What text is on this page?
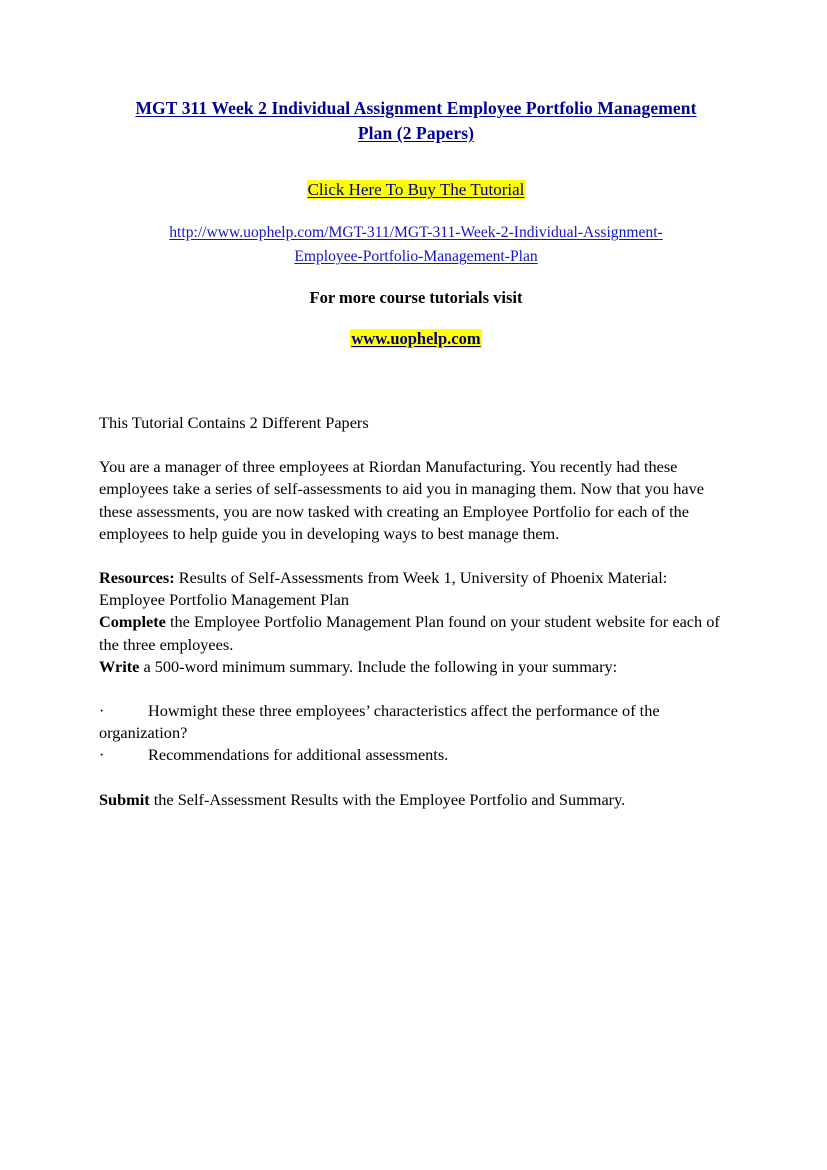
MGT 311 Week 2 Individual Assignment Employee Portfolio Management
Plan (2 Papers)

Click Here To Buy The Tutorial

http://www.uophelp.com/MGT-311/MGT-311-Week-2-Individual-Assignment-
Employee-Portfolio-Management-Plan

For more course tutorials visit

www.uophelp.com

This Tutorial Contains 2 Different Papers

You are a manager of three employees at Riordan Manufacturing. You recently had these employees take a series of self-assessments to aid you in managing them. Now that you have these assessments, you are now tasked with creating an Employee Portfolio for each of the employees to help guide you in developing ways to best manage them.

Resources: Results of Self-Assessments from Week 1, University of Phoenix Material: Employee Portfolio Management Plan

Complete the Employee Portfolio Management Plan found on your student website for each of the three employees.

Write a 500-word minimum summary. Include the following in your summary:

·	Howmight these three employees’ characteristics affect the performance of the organization?

·	Recommendations for additional assessments.

Submit the Self-Assessment Results with the Employee Portfolio and Summary.
